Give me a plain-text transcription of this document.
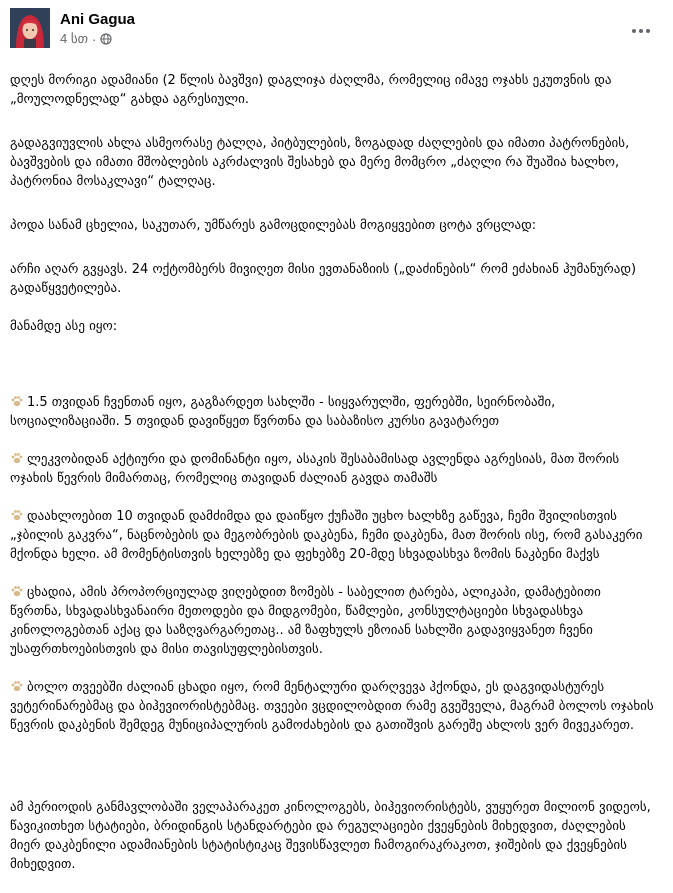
Ani Gagua
4 სთ ·

დღეს მორიგი ადამიანი (2 წლის ბავშვი) დაგლიჯა ძაღლმა, რომელიც იმავე ოჯახს ეკუთვნის და „მოულოდნელად“ გახდა აგრესიული.

გადაგვიუვლის ახლა ასმეორასე ტალღა, პიტბულების, ზოგადად ძაღლების და იმათი პატრონების, ბავშვების და იმათი მშობლების აკრძალვის შესახებ და მერე მომცრო „ძაღლი რა შუაშია ხალხო, პატრონია მოსაკლავი“ ტალღაც.

პოდა სანამ ცხელია, საკუთარ, უმწარეს გამოცდილებას მოგიყვებით ცოტა ვრცლად:

არჩი აღარ გვყავს. 24 ოქტომბერს მივიღეთ მისი ევთანაზიის („დაძინების“ რომ ეძახიან ჰუმანურად) გადაწყვეტილება.

მანამდე ასე იყო:

1.5 თვიდან ჩვენთან იყო, გაგზარდეთ სახლში - სიყვარულში, ფერებში, სეირნობაში, სოციალიზაციაში. 5 თვიდან დავიწყეთ წვრთნა და საბაზისო კურსი გავატარეთ

ლეკვობიდან აქტიური და დომინანტი იყო, ასაკის შესაბამისად ავლენდა აგრესიას, მათ შორის ოჯახის წევრის მიმართაც, რომელიც თავიდან ძალიან გავდა თამაშს

დაახლოებით 10 თვიდან დამძიმდა და დაიწყო ქუჩაში უცხო ხალხზე გაწევა, ჩემი შვილისთვის „ჯბილის გაკვრა“, ნაცნობების და მეგობრების დაკბენა, ჩემი დაკბენა, მათ შორის ისე, რომ გასაკერი მქონდა ხელი. ამ მომენტისთვის ხელებზე და ფეხებზე 20-მდე სხვადასხვა ზომის ნაკბენი მაქვს

ცხადია, ამის პროპორციულად ვიღებდით ზომებს - საბელით ტარება, ალიკაპი, დამატებითი წვრთნა, სხვადასხვანაირი მეთოდები და მიდგომები, წამლები, კონსულტაციები სხვადასხვა კინოლოგებთან აქაც და საზღვარგარეთაც.. ამ ზაფხულს ეზოიან სახლში გადავიყვანეთ ჩვენი უსაფრთხოებისთვის და მისი თავისუფლებისთვის.

ბოლო თვეებში ძალიან ცხადი იყო, რომ მენტალური დარღვევა ჰქონდა, ეს დაგვიდასტურეს ვეტერინარებმაც და ბიჰევიორისტებმაც. თვეები ვცდილობდით რამე გვეშველა, მაგრამ ბოლოს ოჯახის წევრის დაკბენის შემდეგ მუნიციპალურის გამოძახების და გათიშვის გარეშე ახლოს ვერ მივეკარეთ.

ამ პერიოდის განმავლობაში ველაპარაკეთ კინოლოგებს, ბიჰევიორისტებს, ვუყურეთ მილიონ ვიდეოს, წავიკითხეთ სტატიები, ბრიდინგის სტანდარტები და რეგულაციები ქვეყნების მიხედვით, ძაღლების მიერ დაკბენილი ადამიანების სტატისტიკაც შევისწავლეთ ჩამოგირაკრაკოთ, ჯიშების და ქვეყნების მიხედვით.
